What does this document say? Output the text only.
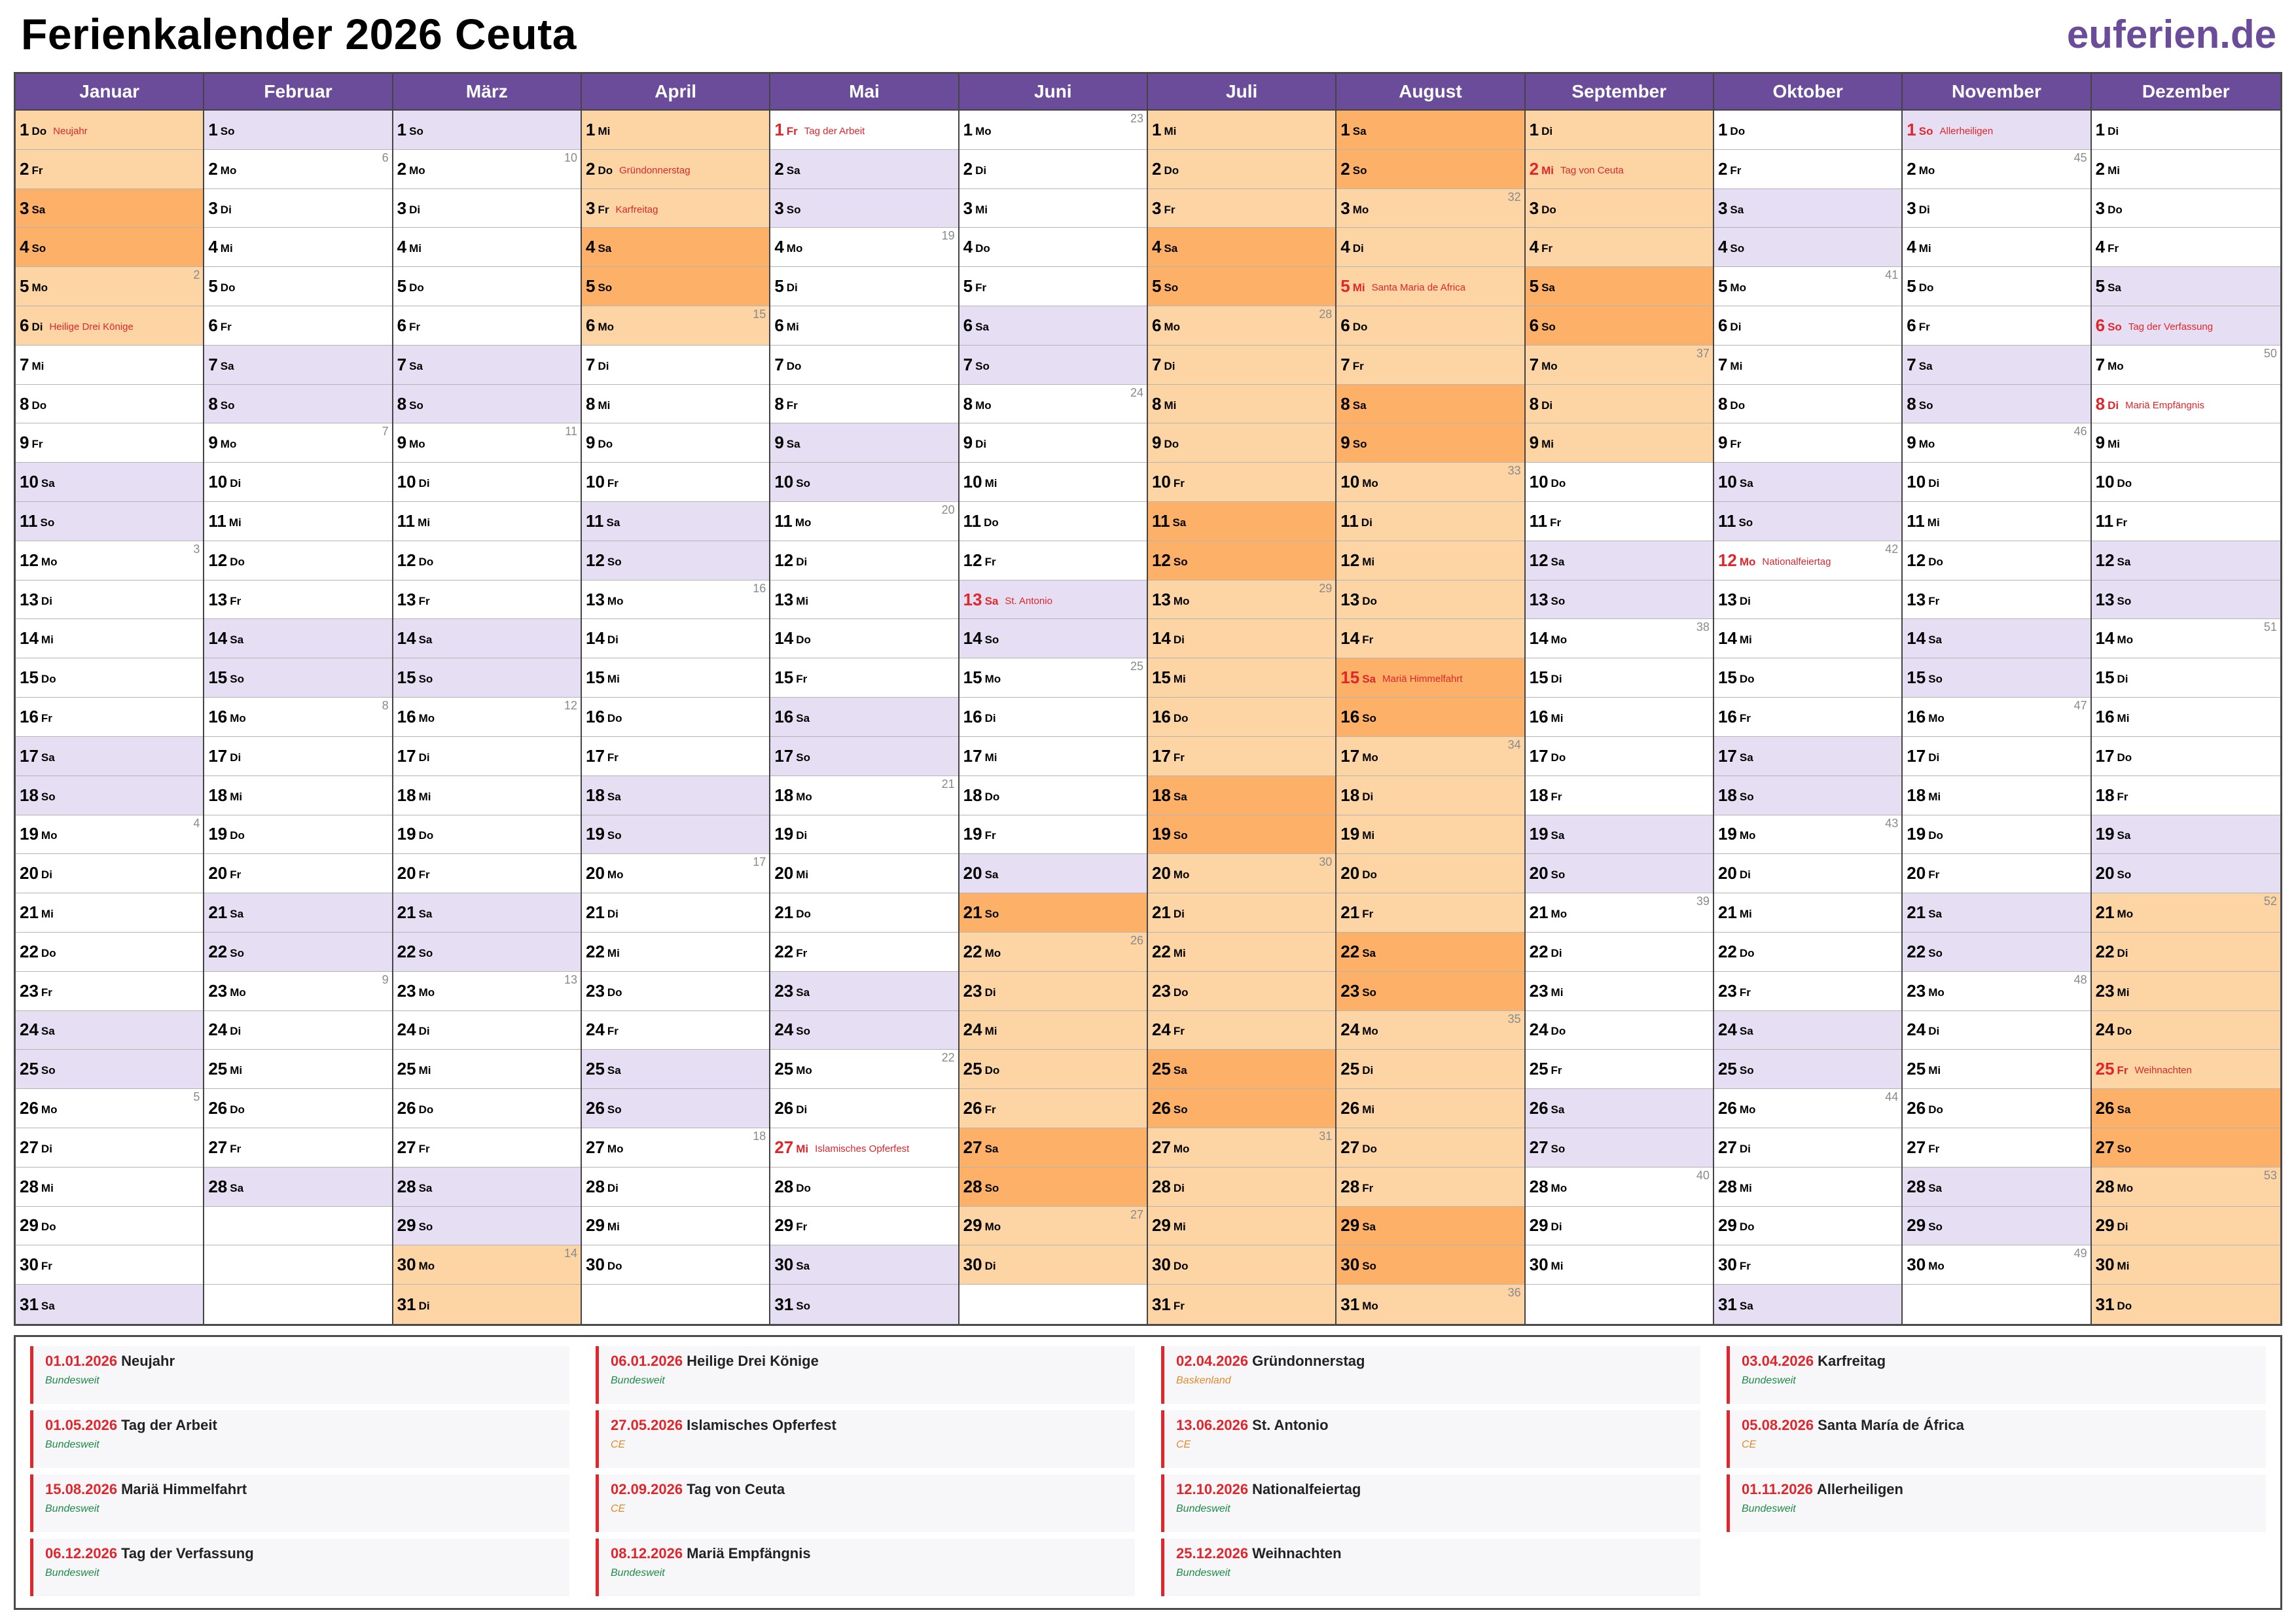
Ferienkalender 2026 Ceuta	euferien.de
Januar
1 Do Neujahr
2 Fr
3 Sa
4 So
5 Mo
2
6 Di Heilige Drei Könige
7 Mi
8 Do
9 Fr
10 Sa
11 So
12 Mo
3
13 Di
14 Mi
15 Do
16 Fr
17 Sa
18 So
19 Mo
4
20 Di
21 Mi
22 Do
23 Fr
24 Sa
25 So
26 Mo
5
27 Di
28 Mi
29 Do
30 Fr
31 Sa
Februar
1 So
2 Mo
6
3 Di
4 Mi
5 Do
6 Fr
7 Sa
8 So
9 Mo
7
10 Di
11 Mi
12 Do
13 Fr
14 Sa
15 So
16 Mo
8
17 Di
18 Mi
19 Do
20 Fr
21 Sa
22 So
23 Mo
9
24 Di
25 Mi
26 Do
27 Fr
28 Sa
März
1 So
2 Mo
10
3 Di
4 Mi
5 Do
6 Fr
7 Sa
8 So
9 Mo
11
10 Di
11 Mi
12 Do
13 Fr
14 Sa
15 So
16 Mo
12
17 Di
18 Mi
19 Do
20 Fr
21 Sa
22 So
23 Mo
13
24 Di
25 Mi
26 Do
27 Fr
28 Sa
29 So
30 Mo
14
31 Di
April
1 Mi
2 Do Gründonnerstag
3 Fr Karfreitag
4 Sa
5 So
6 Mo
15
7 Di
8 Mi
9 Do
10 Fr
11 Sa
12 So
13 Mo
16
14 Di
15 Mi
16 Do
17 Fr
18 Sa
19 So
20 Mo
17
21 Di
22 Mi
23 Do
24 Fr
25 Sa
26 So
27 Mo
18
28 Di
29 Mi
30 Do
Mai
1 Fr Tag der Arbeit
2 Sa
3 So
4 Mo
19
5 Di
6 Mi
7 Do
8 Fr
9 Sa
10 So
11 Mo
20
12 Di
13 Mi
14 Do
15 Fr
16 Sa
17 So
18 Mo
21
19 Di
20 Mi
21 Do
22 Fr
23 Sa
24 So
25 Mo
22
26 Di
27 Mi Islamisches Opferfest
28 Do
29 Fr
30 Sa
31 So
Juni
1 Mo
23
2 Di
3 Mi
4 Do
5 Fr
6 Sa
7 So
8 Mo
24
9 Di
10 Mi
11 Do
12 Fr
13 Sa St. Antonio
14 So
15 Mo
25
16 Di
17 Mi
18 Do
19 Fr
20 Sa
21 So
22 Mo
26
23 Di
24 Mi
25 Do
26 Fr
27 Sa
28 So
29 Mo
27
30 Di
Juli
1 Mi
2 Do
3 Fr
4 Sa
5 So
6 Mo
28
7 Di
8 Mi
9 Do
10 Fr
11 Sa
12 So
13 Mo
29
14 Di
15 Mi
16 Do
17 Fr
18 Sa
19 So
20 Mo
30
21 Di
22 Mi
23 Do
24 Fr
25 Sa
26 So
27 Mo
31
28 Di
29 Mi
30 Do
31 Fr
August
1 Sa
2 So
3 Mo
32
4 Di
5 Mi Santa Maria de Africa
6 Do
7 Fr
8 Sa
9 So
10 Mo
33
11 Di
12 Mi
13 Do
14 Fr
15 Sa Mariä Himmelfahrt
16 So
17 Mo
34
18 Di
19 Mi
20 Do
21 Fr
22 Sa
23 So
24 Mo
35
25 Di
26 Mi
27 Do
28 Fr
29 Sa
30 So
31 Mo
36
September
1 Di
2 Mi Tag von Ceuta
3 Do
4 Fr
5 Sa
6 So
7 Mo
37
8 Di
9 Mi
10 Do
11 Fr
12 Sa
13 So
14 Mo
38
15 Di
16 Mi
17 Do
18 Fr
19 Sa
20 So
21 Mo
39
22 Di
23 Mi
24 Do
25 Fr
26 Sa
27 So
28 Mo
40
29 Di
30 Mi
Oktober
1 Do
2 Fr
3 Sa
4 So
5 Mo
41
6 Di
7 Mi
8 Do
9 Fr
10 Sa
11 So
12 Mo Nationalfeiertag
42
13 Di
14 Mi
15 Do
16 Fr
17 Sa
18 So
19 Mo
43
20 Di
21 Mi
22 Do
23 Fr
24 Sa
25 So
26 Mo
44
27 Di
28 Mi
29 Do
30 Fr
31 Sa
November
1 So Allerheiligen
2 Mo
45
3 Di
4 Mi
5 Do
6 Fr
7 Sa
8 So
9 Mo
46
10 Di
11 Mi
12 Do
13 Fr
14 Sa
15 So
16 Mo
47
17 Di
18 Mi
19 Do
20 Fr
21 Sa
22 So
23 Mo
48
24 Di
25 Mi
26 Do
27 Fr
28 Sa
29 So
30 Mo
49
Dezember
1 Di
2 Mi
3 Do
4 Fr
5 Sa
6 So Tag der Verfassung
7 Mo
50
8 Di Mariä Empfängnis
9 Mi
10 Do
11 Fr
12 Sa
13 So
14 Mo
51
15 Di
16 Mi
17 Do
18 Fr
19 Sa
20 So
21 Mo
52
22 Di
23 Mi
24 Do
25 Fr Weihnachten
26 Sa
27 So
28 Mo
53
29 Di
30 Mi
31 Do
01.01.2026 Neujahr
Bundesweit
06.01.2026 Heilige Drei Könige
Bundesweit
02.04.2026 Gründonnerstag
Baskenland
03.04.2026 Karfreitag
Bundesweit
01.05.2026 Tag der Arbeit
Bundesweit
27.05.2026 Islamisches Opferfest
CE
13.06.2026 St. Antonio
CE
05.08.2026 Santa María de África
CE
15.08.2026 Mariä Himmelfahrt
Bundesweit
02.09.2026 Tag von Ceuta
CE
12.10.2026 Nationalfeiertag
Bundesweit
01.11.2026 Allerheiligen
Bundesweit
06.12.2026 Tag der Verfassung
Bundesweit
08.12.2026 Mariä Empfängnis
Bundesweit
25.12.2026 Weihnachten
Bundesweit
